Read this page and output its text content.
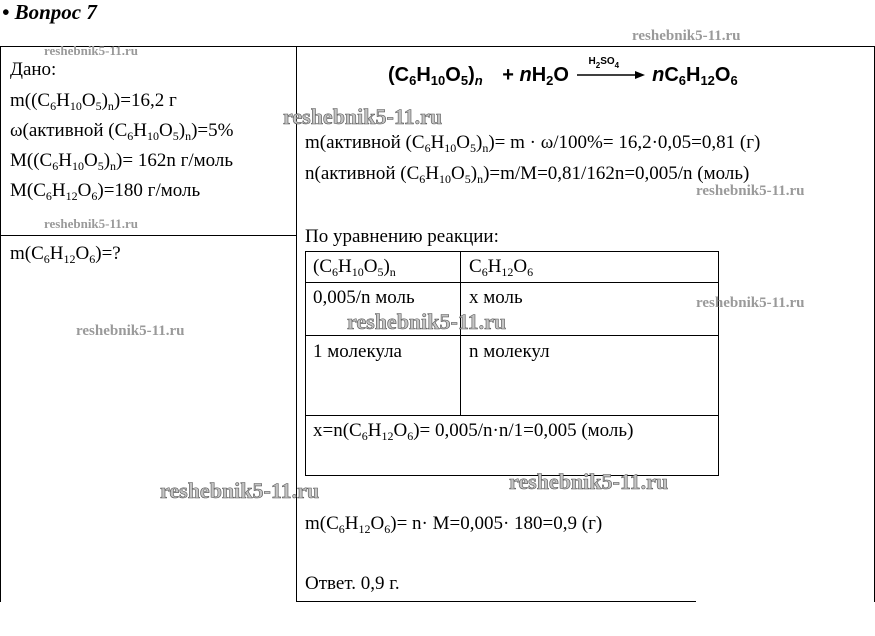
• Вопрос 7
Дано:
$m((C_6H_{10}O_5)_n)=16,2$ г
ω(активной $(C_6H_{10}O_5)_n)=5\%$
$M((C_6H_{10}O_5)_n)= 162n$ г/моль
$M(C_6H_{12}O_6)=180$ г/моль
$m(C_6H_{12}O_6)=$?
$(C_6H_{10}O_5)_n + nH_2O$
$H_2SO_4$ $nC_6H_{12}O_6$
m(активной $(C_6H_{10}O_5)_n)= m \cdot \omega/100\%= 16,2\cdot 0,05=0,81$ (г)
n(активной $(C_6H_{10}O_5)_n)=m/M=0,81/162n=0,005/n$ (моль)
По уравнению реакции:
$(C_6H_{10}O_5)_n$	$C_6H_{12}O_6$
0,005/n моль	x моль
1 молекула	n молекул
$x=n(C_6H_{12}O_6)= 0,005/n\cdot n/1=0,005$ (моль)
$m(C_6H_{12}O_6)= n\cdot M=0,005\cdot 180=0,9$ (г)
Ответ. 0,9 г.
reshebnik5-11.ru
reshebnik5-11.ru
reshebnik5-11.ru
reshebnik5-11.ru
reshebnik5-11.ru
reshebnik5-11.ru
reshebnik5-11.ru
reshebnik5-11.ru
reshebnik5-11.ru
reshebnik5-11.ru
